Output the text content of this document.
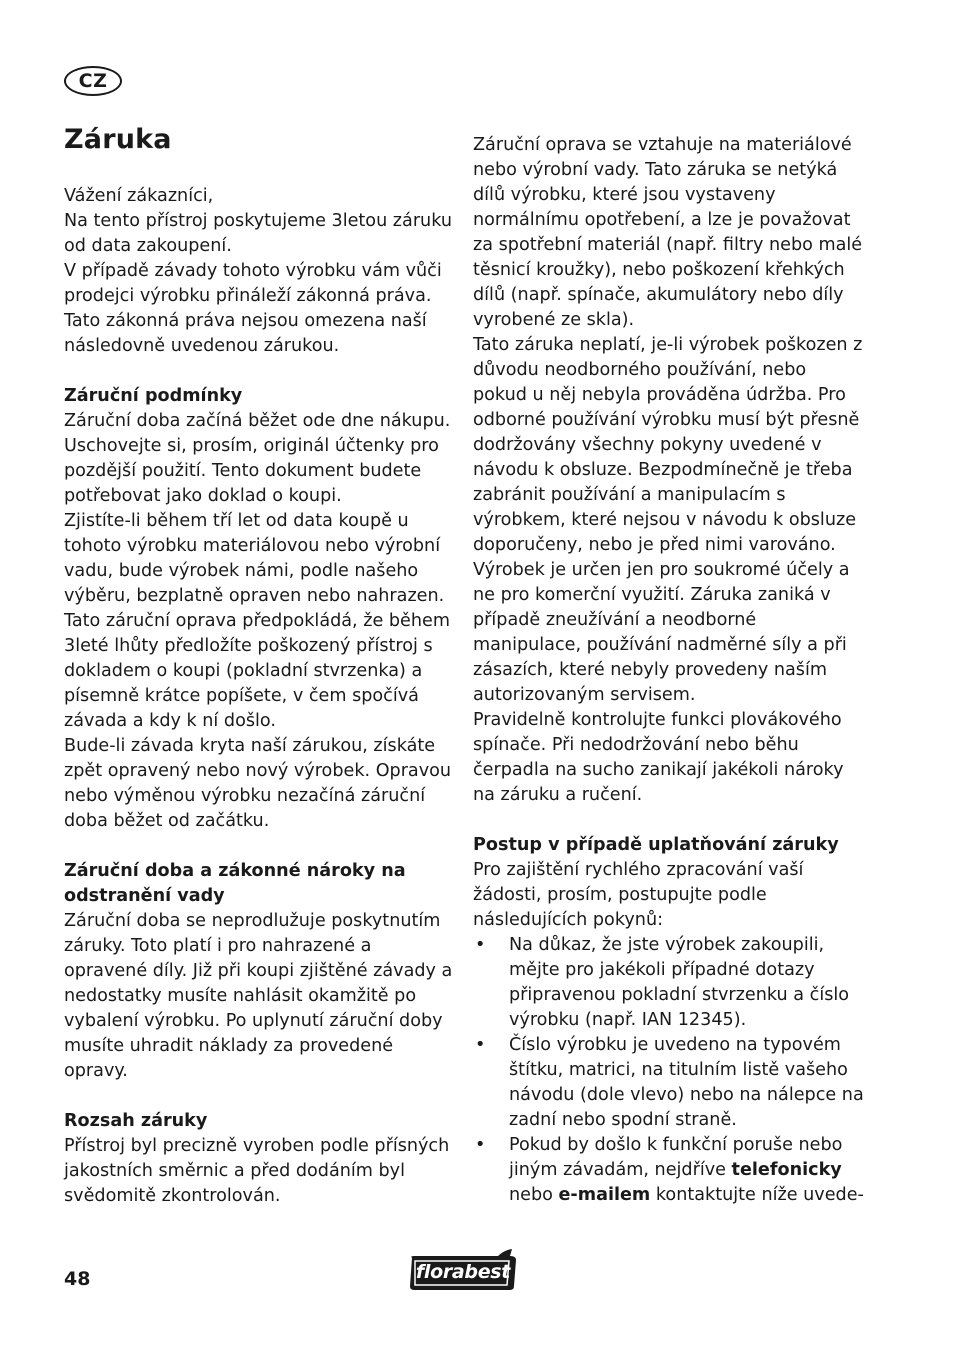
CZ
Záruka

Vážení zákazníci,

Na tento přístroj poskytujeme 3letou záruku od data zakoupení.

V případě závady tohoto výrobku vám vůči prodejci výrobku přináleží zákonná práva. Tato zákonná práva nejsou omezena naší následovně uvedenou zárukou.

Záruční podmínky

Záruční doba začíná běžet ode dne nákupu. Uschovejte si, prosím, originál účtenky pro pozdější použití. Tento dokument budete potřebovat jako doklad o koupi.

Zjistíte-li během tří let od data koupě u tohoto výrobku materiálovou nebo výrobní vadu, bude výrobek námi, podle našeho výběru, bezplatně opraven nebo nahrazen. Tato záruční oprava předpokládá, že během 3leté lhůty předložíte poškozený přístroj s dokladem o koupi (pokladní stvrzenka) a písemně krátce popíšete, v čem spočívá závada a kdy k ní došlo.

Bude-li závada kryta naší zárukou, získáte zpět opravený nebo nový výrobek. Opravou nebo výměnou výrobku nezačíná záruční doba běžet od začátku.

Záruční doba a zákonné nároky na odstranění vady

Záruční doba se neprodlužuje poskytnutím záruky. Toto platí i pro nahrazené a opravené díly. Již při koupi zjištěné závady a nedostatky musíte nahlásit okamžitě po vybalení výrobku. Po uplynutí záruční doby musíte uhradit náklady za provedené opravy.

Rozsah záruky

Přístroj byl precizně vyroben podle přísných jakostních směrnic a před dodáním byl svědomitě zkontrolován.

Záruční oprava se vztahuje na materiálové nebo výrobní vady. Tato záruka se netýká dílů výrobku, které jsou vystaveny normálnímu opotřebení, a lze je považovat za spotřební materiál (např. filtry nebo malé těsnicí kroužky), nebo poškození křehkých dílů (např. spínače, akumulátory nebo díly vyrobené ze skla).

Tato záruka neplatí, je-li výrobek poškozen z důvodu neodborného používání, nebo pokud u něj nebyla prováděna údržba. Pro odborné používání výrobku musí být přesně dodržovány všechny pokyny uvedené v návodu k obsluze. Bezpodmínečně je třeba zabránit používání a manipulacím s výrobkem, které nejsou v návodu k obsluze doporučeny, nebo je před nimi varováno. Výrobek je určen jen pro soukromé účely a ne pro komerční využití. Záruka zaniká v případě zneužívání a neodborné manipulace, používání nadměrné síly a při zásazích, které nebyly provedeny naším autorizovaným servisem.

Pravidelně kontrolujte funkci plovákového spínače. Při nedodržování nebo běhu čerpadla na sucho zanikají jakékoli nároky na záruku a ručení.

Postup v případě uplatňování záruky

Pro zajištění rychlého zpracování vaší žádosti, prosím, postupujte podle následujících pokynů:

• Na důkaz, že jste výrobek zakoupili, mějte pro jakékoli případné dotazy připravenou pokladní stvrzenku a číslo výrobku (např. IAN 12345).
• Číslo výrobku je uvedeno na typovém štítku, matrici, na titulním listě vašeho návodu (dole vlevo) nebo na nálepce na zadní nebo spodní straně.
• Pokud by došlo k funkční poruše nebo jiným závadám, nejdříve telefonicky nebo e-mailem kontaktujte níže uvede-
48	florabest
